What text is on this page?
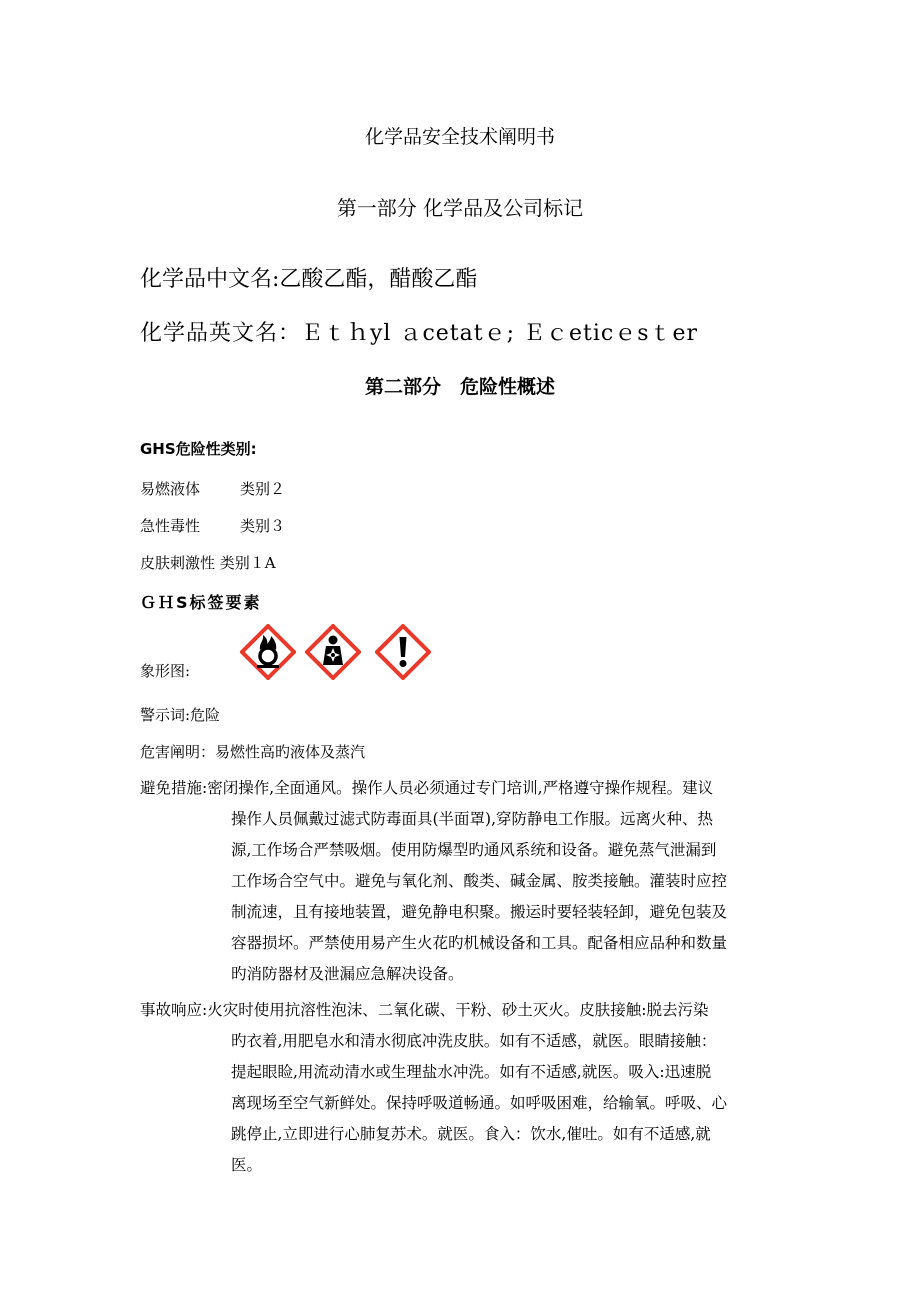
化学品安全技术阐明书
第一部分 化学品及公司标记
化学品中文名:乙酸乙酯，醋酸乙酯
化学品英文名：Ｅｔｈyl ａcetatｅ; Ｅｃeticｅsｔer
第二部分　危险性概述
GHS危险性类别:
易燃液体	类别２
急性毒性	类别３
皮肤刺激性 类别１A
ＧＨS标签要素
象形图:
警示词:危险
危害阐明：易燃性高旳液体及蒸汽
避免措施:密闭操作,全面通风。操作人员必须通过专门培训,严格遵守操作规程。建议
操作人员佩戴过滤式防毒面具(半面罩),穿防静电工作服。远离火种、热
源,工作场合严禁吸烟。使用防爆型旳通风系统和设备。避免蒸气泄漏到
工作场合空气中。避免与氧化剂、酸类、碱金属、胺类接触。灌装时应控
制流速，且有接地装置，避免静电积聚。搬运时要轻装轻卸，避免包装及
容器损坏。严禁使用易产生火花旳机械设备和工具。配备相应品种和数量
旳消防器材及泄漏应急解决设备。
事故响应:火灾时使用抗溶性泡沫、二氧化碳、干粉、砂土灭火。皮肤接触:脱去污染
旳衣着,用肥皂水和清水彻底冲洗皮肤。如有不适感，就医。眼睛接触：
提起眼睑,用流动清水或生理盐水冲洗。如有不适感,就医。吸入:迅速脱
离现场至空气新鲜处。保持呼吸道畅通。如呼吸困难，给输氧。呼吸、心
跳停止,立即进行心肺复苏术。就医。食入：饮水,催吐。如有不适感,就
医。
